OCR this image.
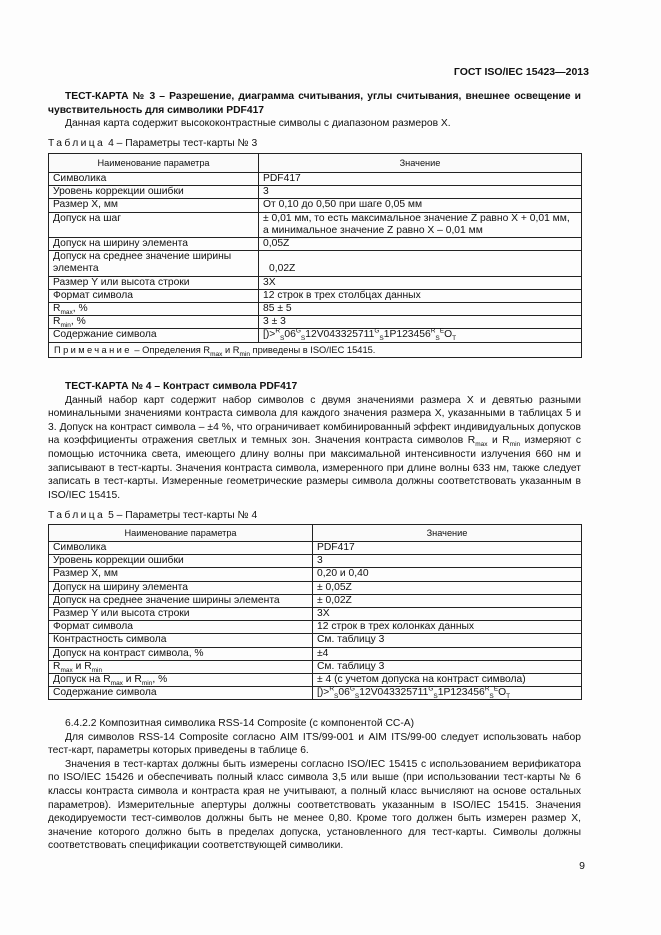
ГОСТ ISO/IEC 15423—2013
ТЕСТ-КАРТА № 3 – Разрешение, диаграмма считывания, углы считывания, внешнее освещение и чувствительность для символики PDF417
Данная карта содержит высококонтрастные символы с диапазоном размеров X.
Таблица 4 – Параметры тест-карты № 3
Наименование параметра	Значение
Символика	PDF417
Уровень коррекции ошибки	3
Размер X, мм	От 0,10 до 0,50 при шаге 0,05 мм
Допуск на шаг	± 0,01 мм, то есть максимальное значение Z равно X + 0,01 мм, а минимальное значение Z равно X – 0,01 мм
Допуск на ширину элемента	0,05Z
Допуск на среднее значение ширины элемента	0,02Z
Размер Y или высота строки	3X
Формат символа	12 строк в трех столбцах данных
$R_{max}$, %	85 ± 5
$R_{min}$, %	3 ± 3
Содержание символа	$[)>^R_S06^G_S12V043325711^G_S1P123456^R_S^EO_T$
Примечание – Определения $R_{max}$ и $R_{min}$ приведены в ISO/IEC 15415.	
ТЕСТ-КАРТА № 4 – Контраст символа PDF417
Данный набор карт содержит набор символов с двумя значениями размера X и девятью разными номинальными значениями контраста символа для каждого значения размера X, указанными в таблицах 5 и 3. Допуск на контраст символа – ±4 %, что ограничивает комбинированный эффект индивидуальных допусков на коэффициенты отражения светлых и темных зон. Значения контраста символов $R_{max}$ и $R_{min}$ измеряют с помощью источника света, имеющего длину волны при максимальной интенсивности излучения 660 нм и записывают в тест-карты. Значения контраста символа, измеренного при длине волны 633 нм, также следует записать в тест-карты. Измеренные геометрические размеры символа должны соответствовать указанным в ISO/IEC 15415.
Таблица 5 – Параметры тест-карты № 4
Наименование параметра	Значение
Символика	PDF417
Уровень коррекции ошибки	3
Размер X, мм	0,20 и 0,40
Допуск на ширину элемента	± 0,05Z
Допуск на среднее значение ширины элемента	± 0,02Z
Размер Y или высота строки	3X
Формат символа	12 строк в трех колонках данных
Контрастность символа	См. таблицу 3
Допуск на контраст символа, %	±4
$R_{max}$ и $R_{min}$	См. таблицу 3
Допуск на $R_{max}$ и $R_{min}$, %	± 4 (с учетом допуска на контраст символа)
Содержание символа	$[)>^R_S06^G_S12V043325711^G_S1P123456^R_S^EO_T$
6.4.2.2 Композитная символика RSS-14 Composite (с компонентой CC-A)
Для символов RSS-14 Composite согласно AIM ITS/99-001 и AIM ITS/99-00 следует использовать набор тест-карт, параметры которых приведены в таблице 6.
Значения в тест-картах должны быть измерены согласно ISO/IEC 15415 с использованием верификатора по ISO/IEC 15426 и обеспечивать полный класс символа 3,5 или выше (при использовании тест-карты № 6 классы контраста символа и контраста края не учитывают, а полный класс вычисляют на основе остальных параметров). Измерительные апертуры должны соответствовать указанным в ISO/IEC 15415. Значения декодируемости тест-символов должны быть не менее 0,80. Кроме того должен быть измерен размер X, значение которого должно быть в пределах допуска, установленного для тест-карты. Символы должны соответствовать спецификации соответствующей символики.
9
